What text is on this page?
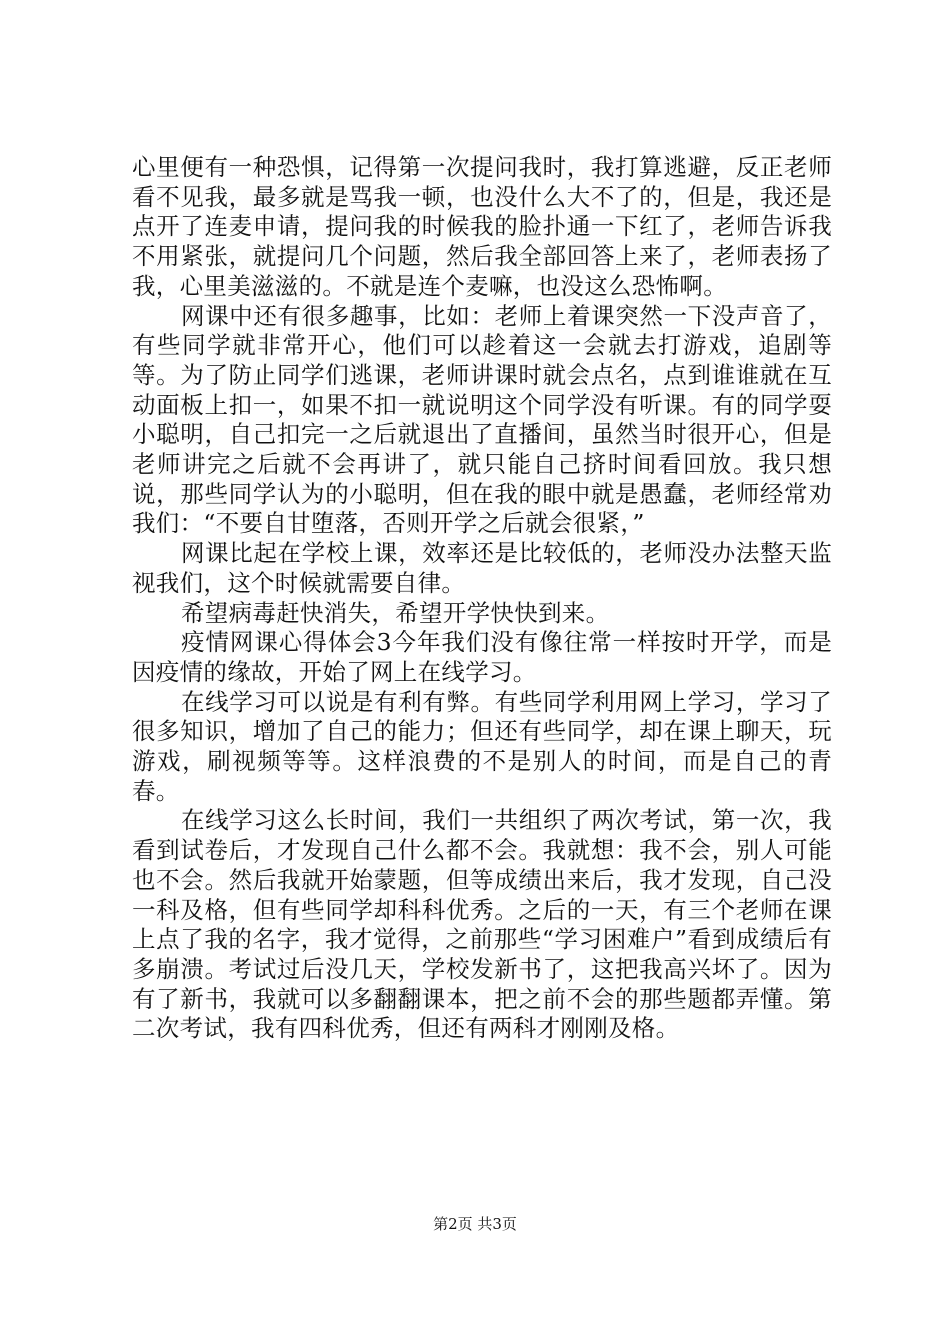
心里便有一种恐惧，记得第一次提问我时，我打算逃避，反正老师看不见我，最多就是骂我一顿，也没什么大不了的，但是，我还是点开了连麦申请，提问我的时候我的脸扑通一下红了，老师告诉我不用紧张，就提问几个问题，然后我全部回答上来了，老师表扬了我，心里美滋滋的。不就是连个麦嘛，也没这么恐怖啊。

网课中还有很多趣事，比如：老师上着课突然一下没声音了，有些同学就非常开心，他们可以趁着这一会就去打游戏，追剧等等。为了防止同学们逃课，老师讲课时就会点名，点到谁谁就在互动面板上扣一，如果不扣一就说明这个同学没有听课。有的同学耍小聪明，自己扣完一之后就退出了直播间，虽然当时很开心，但是老师讲完之后就不会再讲了，就只能自己挤时间看回放。我只想说，那些同学认为的小聪明，但在我的眼中就是愚蠢，老师经常劝我们：“不要自甘堕落，否则开学之后就会很紧，”

网课比起在学校上课，效率还是比较低的，老师没办法整天监视我们，这个时候就需要自律。

希望病毒赶快消失，希望开学快快到来。

疫情网课心得体会3今年我们没有像往常一样按时开学，而是因疫情的缘故，开始了网上在线学习。

在线学习可以说是有利有弊。有些同学利用网上学习，学习了很多知识，增加了自己的能力；但还有些同学，却在课上聊天，玩游戏，刷视频等等。这样浪费的不是别人的时间，而是自己的青春。

在线学习这么长时间，我们一共组织了两次考试，第一次，我看到试卷后，才发现自己什么都不会。我就想：我不会，别人可能也不会。然后我就开始蒙题，但等成绩出来后，我才发现，自己没一科及格，但有些同学却科科优秀。之后的一天，有三个老师在课上点了我的名字，我才觉得，之前那些“学习困难户”看到成绩后有多崩溃。考试过后没几天，学校发新书了，这把我高兴坏了。因为有了新书，我就可以多翻翻课本，把之前不会的那些题都弄懂。第二次考试，我有四科优秀，但还有两科才刚刚及格。

第2页 共3页
